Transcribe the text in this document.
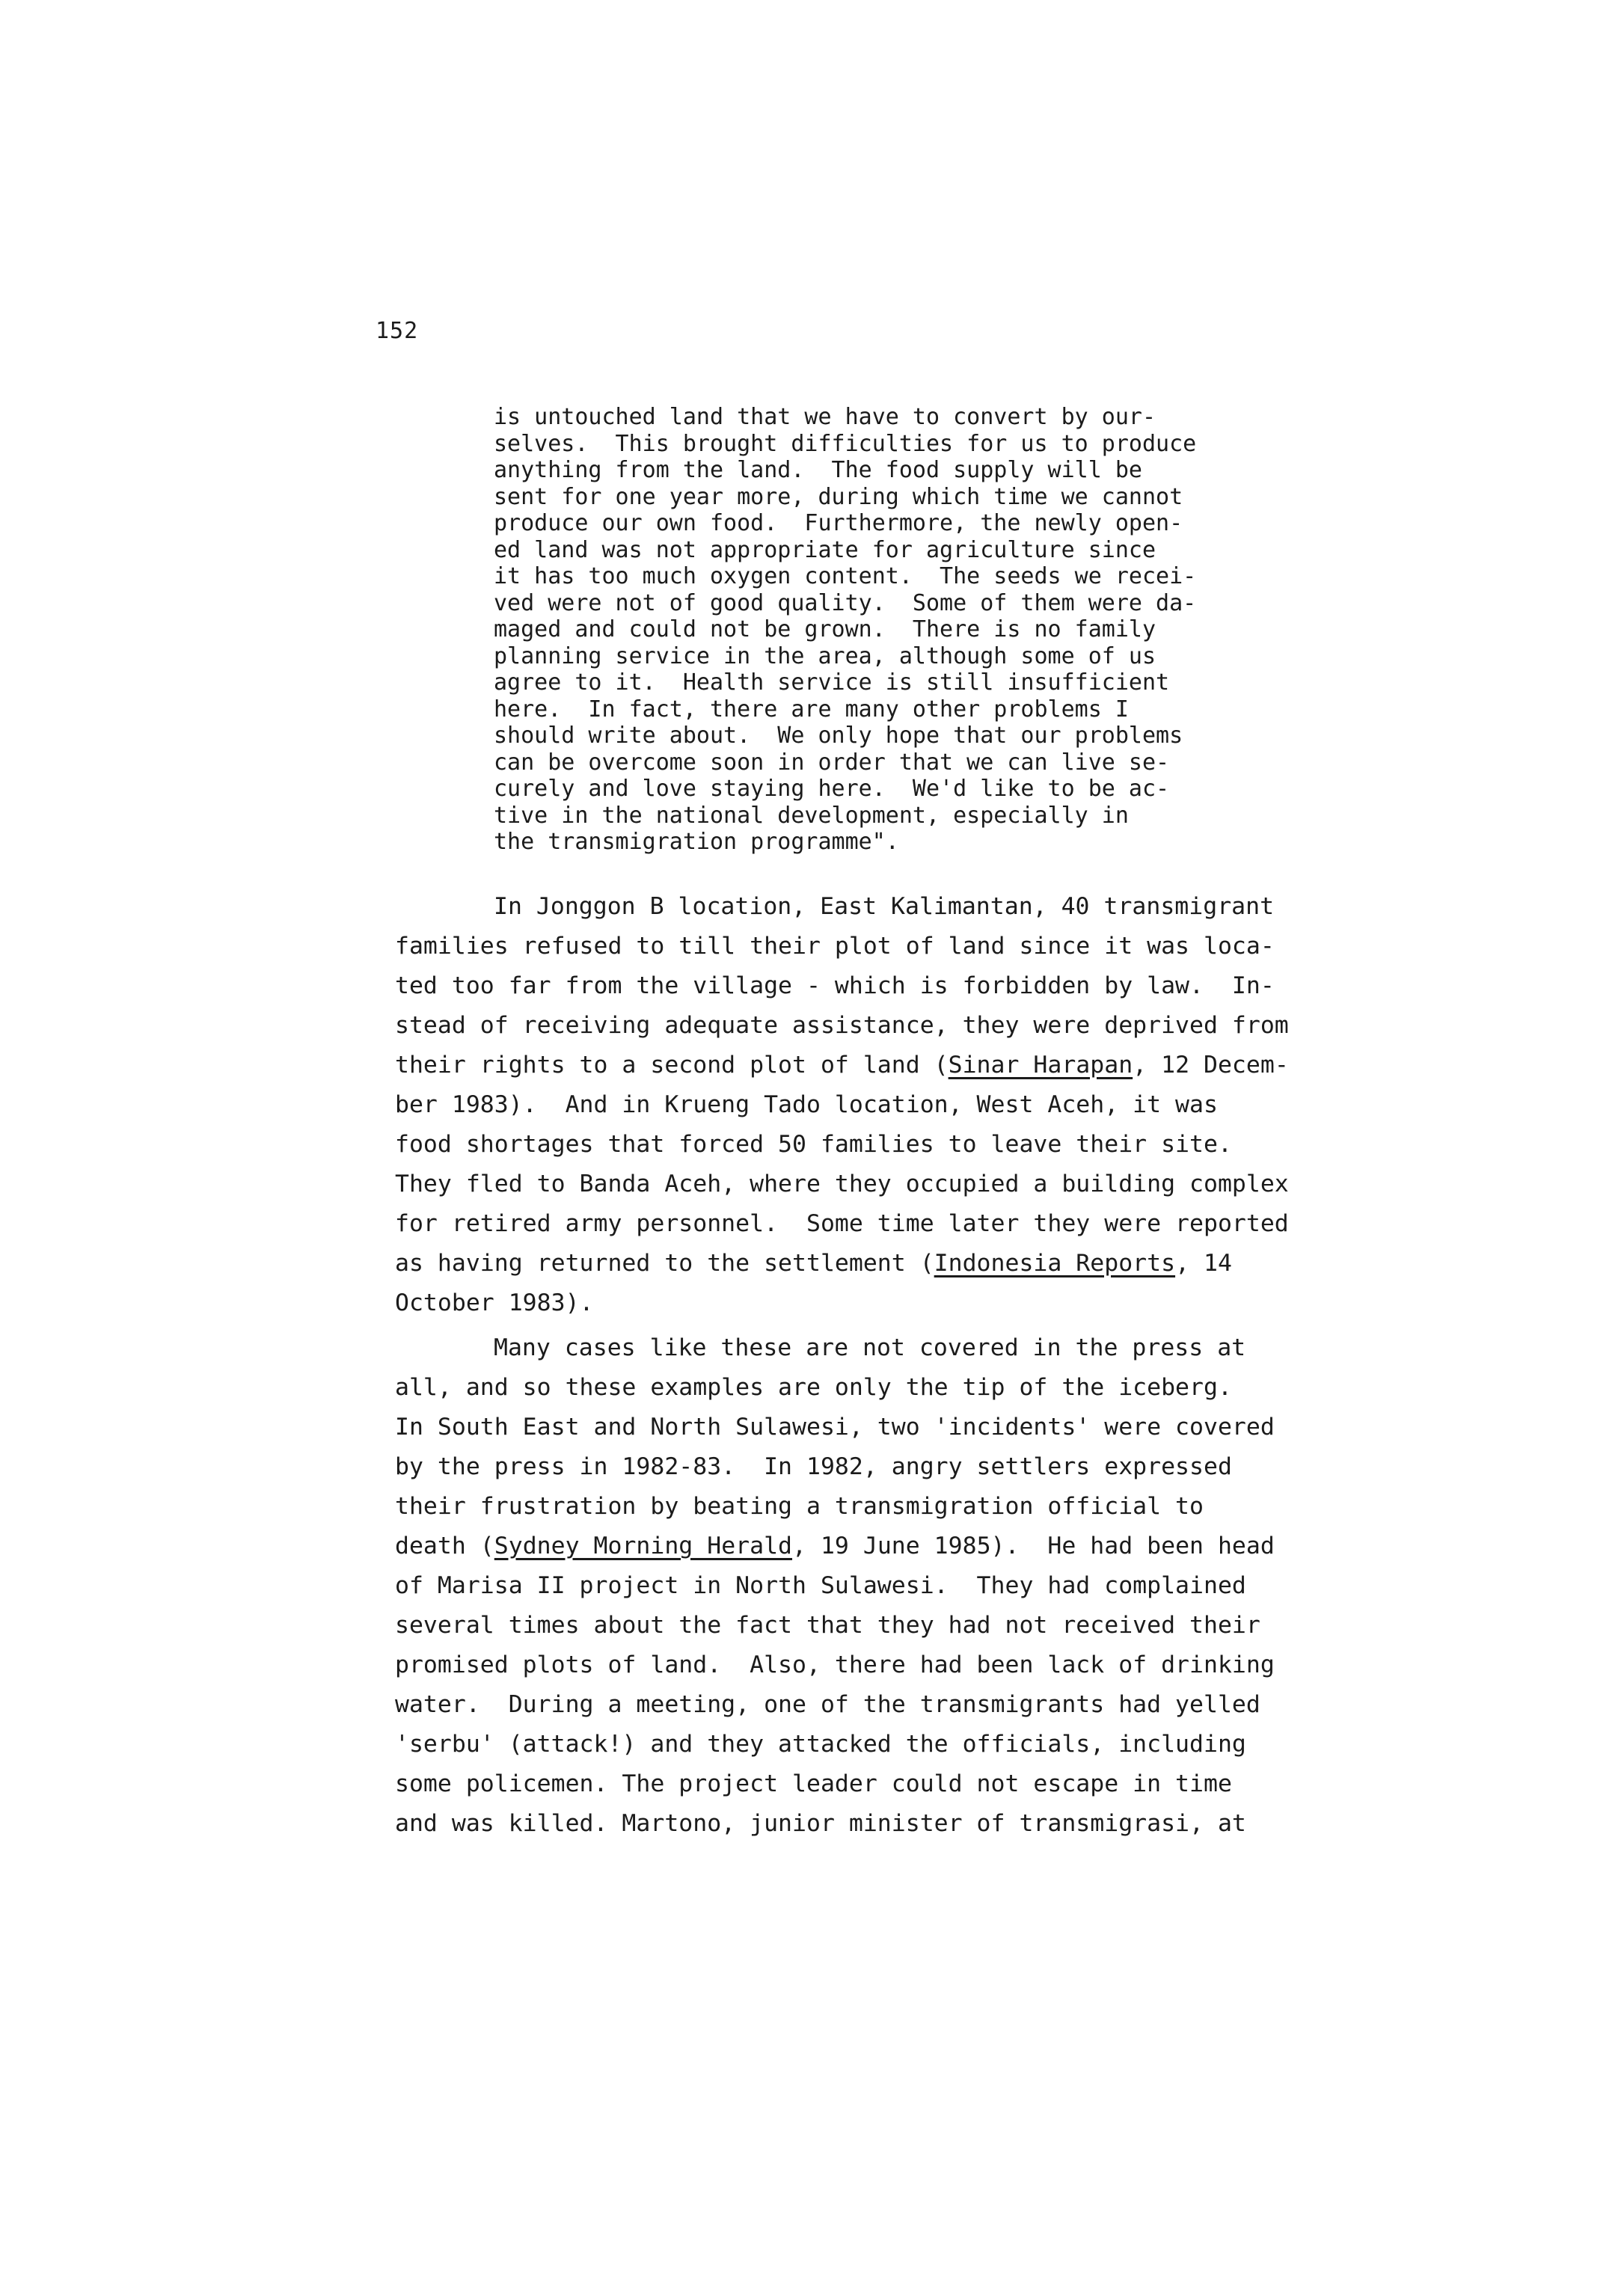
152
is untouched land that we have to convert by our-
selves.  This brought difficulties for us to produce
anything from the land.  The food supply will be
sent for one year more, during which time we cannot
produce our own food.  Furthermore, the newly open-
ed land was not appropriate for agriculture since
it has too much oxygen content.  The seeds we recei-
ved were not of good quality.  Some of them were da-
maged and could not be grown.  There is no family
planning service in the area, although some of us
agree to it.  Health service is still insufficient
here.  In fact, there are many other problems I
should write about.  We only hope that our problems
can be overcome soon in order that we can live se-
curely and love staying here.  We'd like to be ac-
tive in the national development, especially in
the transmigration programme".
In Jonggon B location, East Kalimantan, 40 transmigrant
families refused to till their plot of land since it was loca-
ted too far from the village - which is forbidden by law.  In-
stead of receiving adequate assistance, they were deprived from
their rights to a second plot of land (Sinar Harapan, 12 Decem-
ber 1983).  And in Krueng Tado location, West Aceh, it was
food shortages that forced 50 families to leave their site.
They fled to Banda Aceh, where they occupied a building complex
for retired army personnel.  Some time later they were reported
as having returned to the settlement (Indonesia Reports, 14
October 1983).
Many cases like these are not covered in the press at
all, and so these examples are only the tip of the iceberg.
In South East and North Sulawesi, two 'incidents' were covered
by the press in 1982-83.  In 1982, angry settlers expressed
their frustration by beating a transmigration official to
death (Sydney Morning Herald, 19 June 1985).  He had been head
of Marisa II project in North Sulawesi.  They had complained
several times about the fact that they had not received their
promised plots of land.  Also, there had been lack of drinking
water.  During a meeting, one of the transmigrants had yelled
'serbu' (attack!) and they attacked the officials, including
some policemen. The project leader could not escape in time
and was killed. Martono, junior minister of transmigrasi, at
